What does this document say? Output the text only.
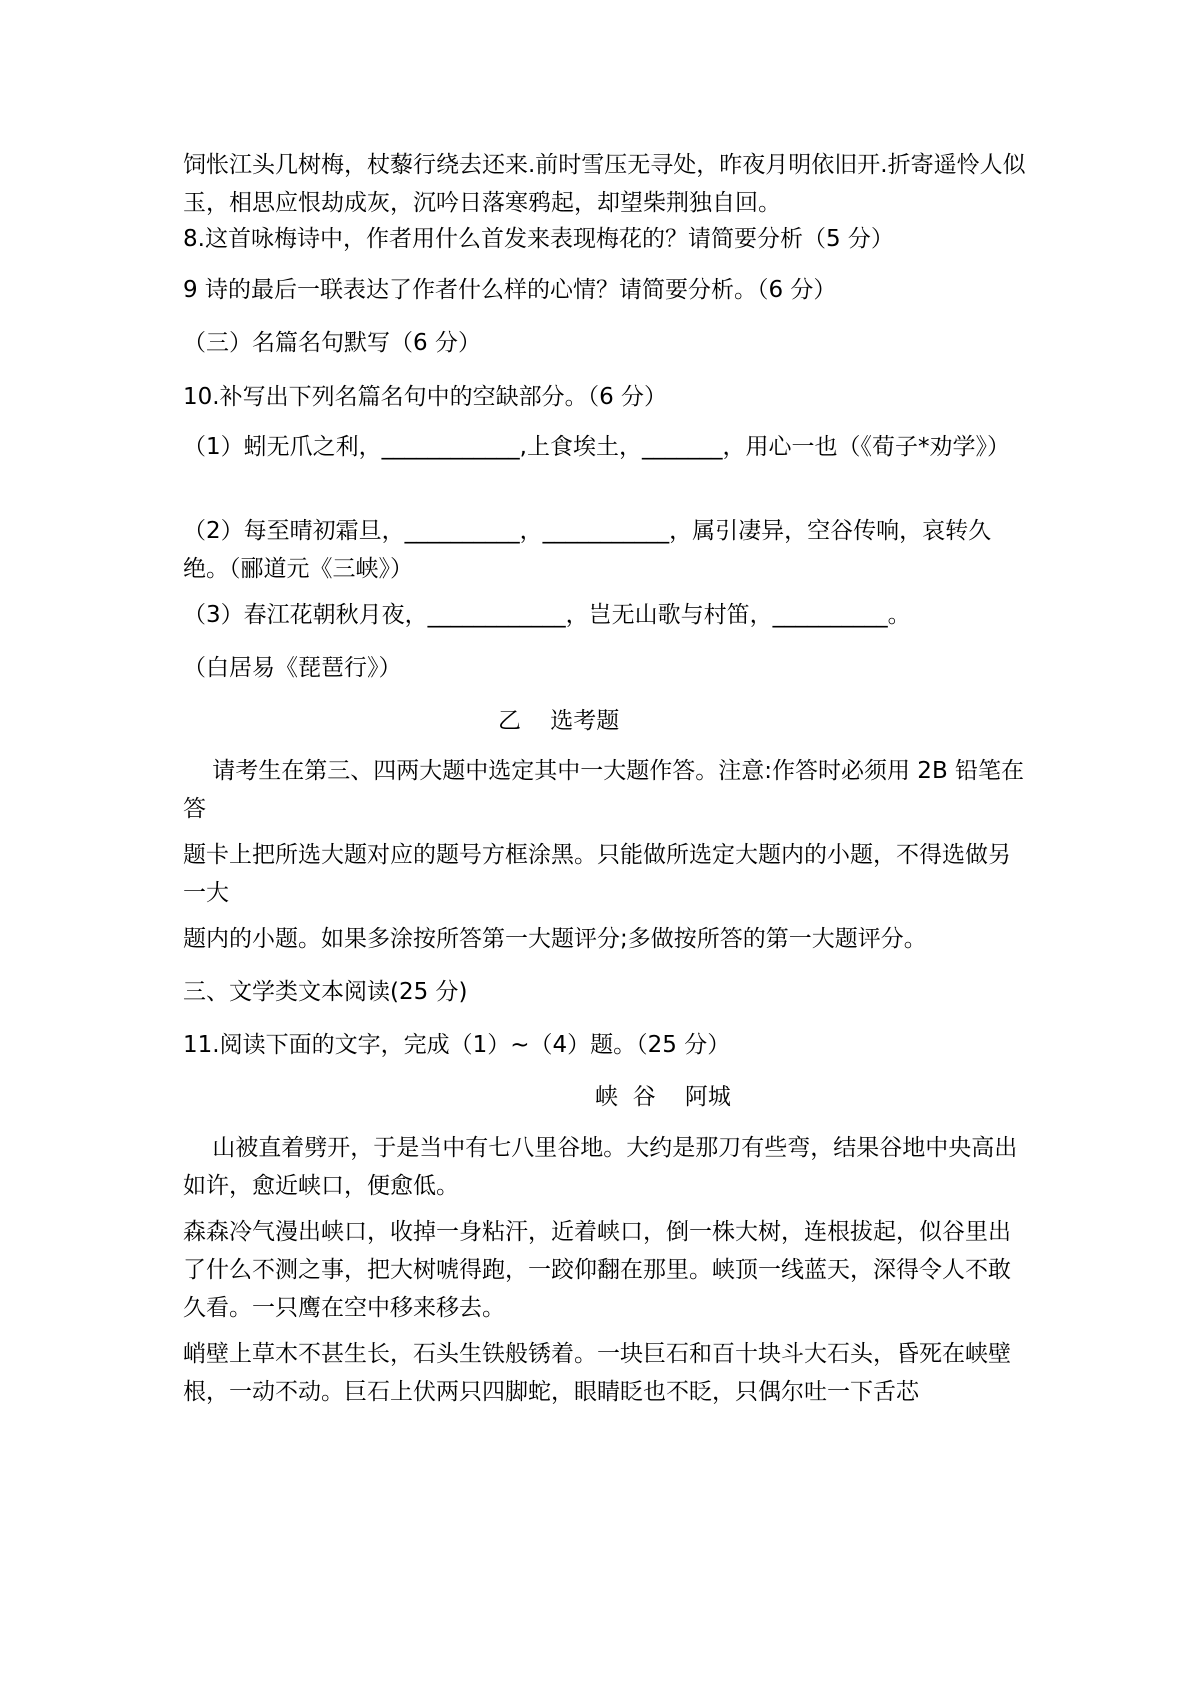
饲怅江头几树梅，杖藜行绕去还来.前时雪压无寻处，昨夜月明依旧开.折寄遥怜人似玉，相思应恨劫成灰，沉吟日落寒鸦起，却望柴荆独自回。

8.这首咏梅诗中，作者用什么首发来表现梅花的？请简要分析（5 分）

9 诗的最后一联表达了作者什么样的心情？请简要分析。（6 分）

（三）名篇名句默写（6 分）

10.补写出下列名篇名句中的空缺部分。（6 分）

（1）蚓无爪之利，____________,上食埃土，_______，用心一也（《荀子*劝学》）

（2）每至晴初霜旦，__________，___________，属引凄异，空谷传响，哀转久绝。（郦道元《三峡》）

（3）春江花朝秋月夜，____________，岂无山歌与村笛，__________。

（白居易《琵琶行》）

乙    选考题

请考生在第三、四两大题中选定其中一大题作答。注意:作答时必须用 2B 铅笔在答

题卡上把所选大题对应的题号方框涂黑。只能做所选定大题内的小题，不得选做另一大

题内的小题。如果多涂按所答第一大题评分;多做按所答的第一大题评分。

三、文学类文本阅读(25 分)

11.阅读下面的文字，完成（1）~（4）题。（25 分）

峡  谷    阿城

山被直着劈开，于是当中有七八里谷地。大约是那刀有些弯，结果谷地中央高出如许，愈近峡口，便愈低。

森森冷气漫出峡口，收掉一身粘汗，近着峡口，倒一株大树，连根拔起，似谷里出了什么不测之事，把大树唬得跑，一跤仰翻在那里。峡顶一线蓝天，深得令人不敢久看。一只鹰在空中移来移去。

峭壁上草木不甚生长，石头生铁般锈着。一块巨石和百十块斗大石头，昏死在峡壁根，一动不动。巨石上伏两只四脚蛇，眼睛眨也不眨，只偶尔吐一下舌芯
